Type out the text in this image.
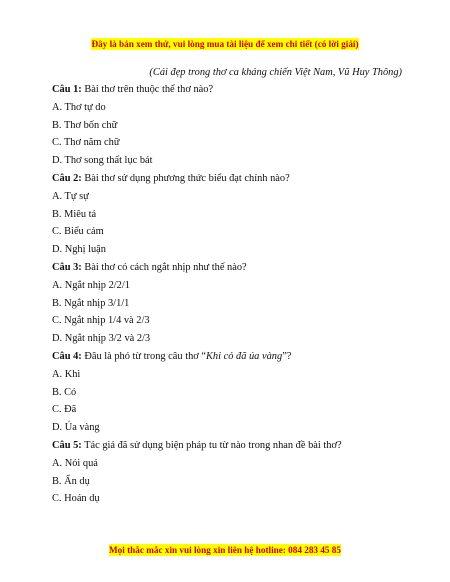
Đây là bản xem thử, vui lòng mua tài liệu để xem chi tiết (có lời giải)
(Cái đẹp trong thơ ca kháng chiến Việt Nam, Vũ Huy Thông)
Câu 1: Bài thơ trên thuộc thể thơ nào?
A. Thơ tự do
B. Thơ bốn chữ
C. Thơ năm chữ
D. Thơ song thất lục bát
Câu 2: Bài thơ sử dụng phương thức biểu đạt chính nào?
A. Tự sự
B. Miêu tả
C. Biểu cảm
D. Nghị luận
Câu 3: Bài thơ có cách ngắt nhịp như thế nào?
A. Ngắt nhịp 2/2/1
B. Ngắt nhịp 3/1/1
C. Ngắt nhịp 1/4 và 2/3
D. Ngắt nhịp 3/2 và 2/3
Câu 4: Đâu là phó từ trong câu thơ “Khi cỏ đã úa vàng”?
A. Khi
B. Có
C. Đã
D. Úa vàng
Câu 5: Tác giả đã sử dụng biện pháp tu từ nào trong nhan đề bài thơ?
A. Nói quá
B. Ẩn dụ
C. Hoán dụ
Mọi thắc mắc xin vui lòng xin liên hệ hotline: 084 283 45 85
